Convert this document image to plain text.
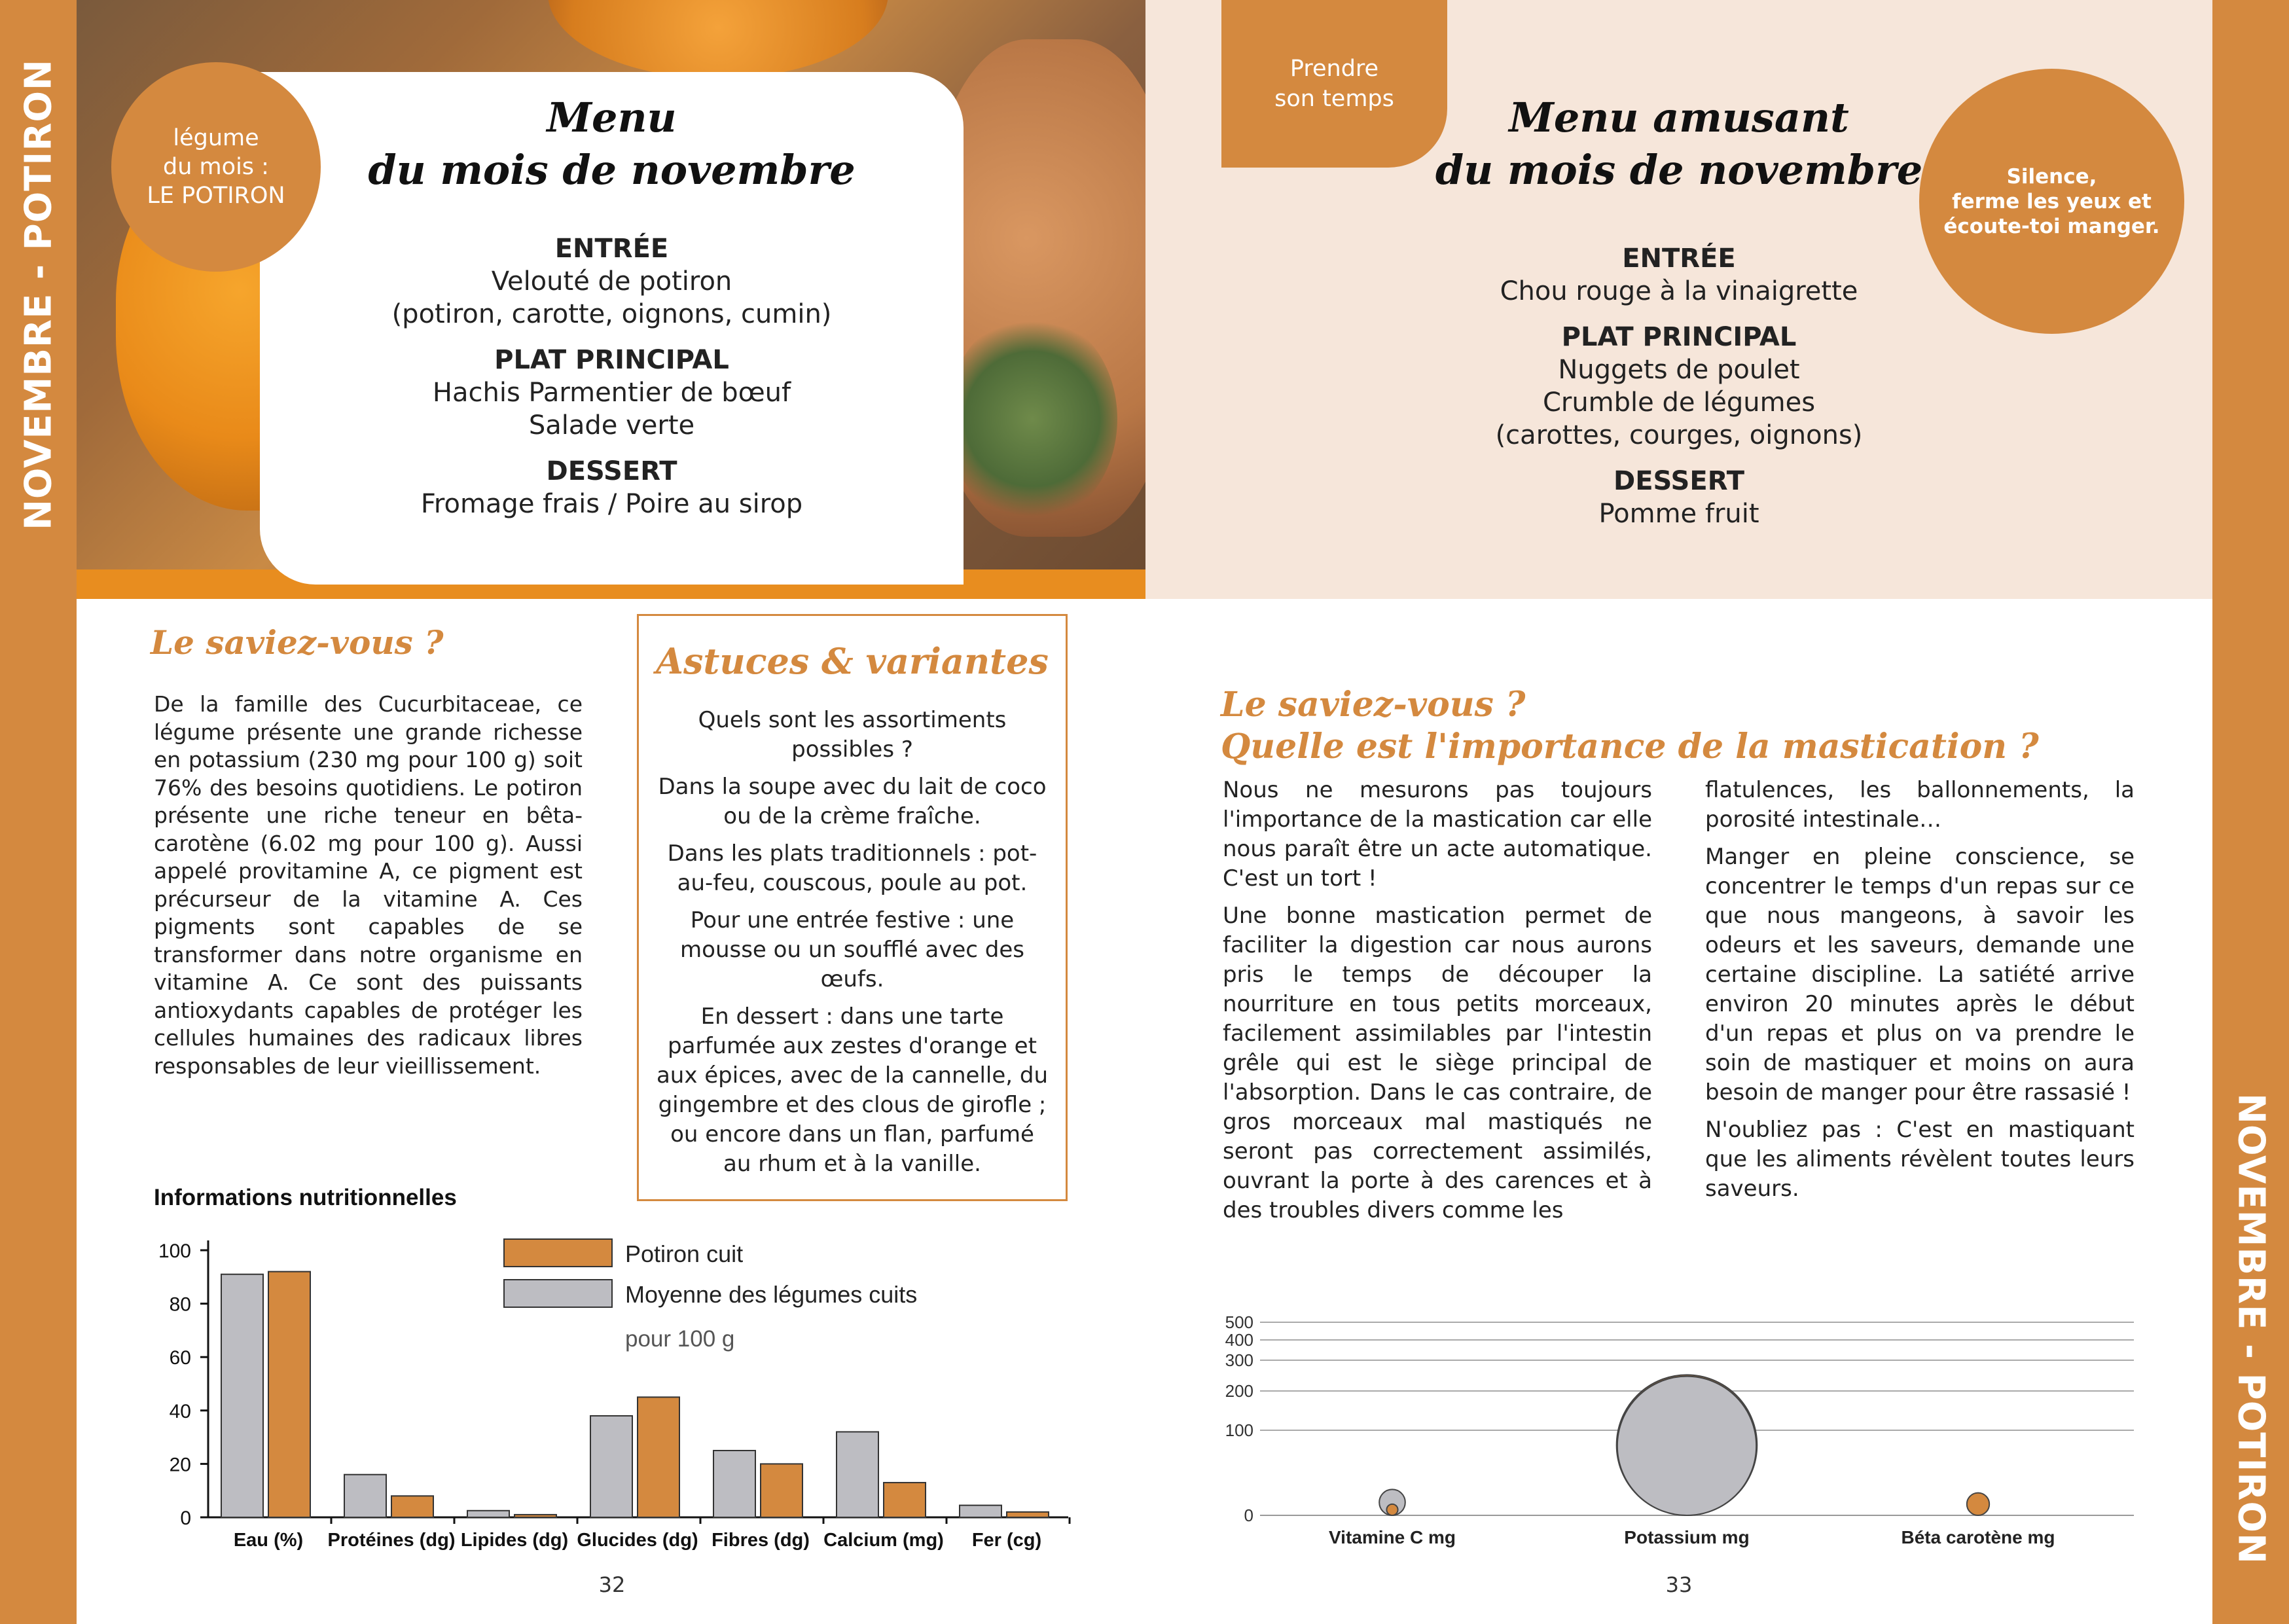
NOVEMBRE - POTIRON
NOVEMBRE - POTIRON
Menu
du mois de novembre
ENTRÉE
Velouté de potiron
(potiron, carotte, oignons, cumin)
PLAT PRINCIPAL
Hachis Parmentier de bœuf
Salade verte
DESSERT
Fromage frais / Poire au sirop
légume
du mois :
LE POTIRON
Prendre
son temps	Menu amusant
du mois de novembre
ENTRÉE
Chou rouge à la vinaigrette
PLAT PRINCIPAL
Nuggets de poulet
Crumble de légumes
(carottes, courges, oignons)
DESSERT
Pomme fruit
Silence,
ferme les yeux et
écoute-toi manger.
Le saviez-vous ?
De la famille des Cucurbitaceae, ce légume présente une grande richesse en potassium (230 mg pour 100 g) soit 76% des besoins quotidiens. Le potiron présente une riche teneur en bêta-carotène (6.02 mg pour 100 g). Aussi appelé provitamine A, ce pigment est précurseur de la vitamine A. Ces pigments sont capables de se transformer dans notre organisme en vitamine A. Ce sont des puissants antioxydants capables de protéger les cellules humaines des radicaux libres responsables de leur vieillissement.
Astuces & variantes

Quels sont les assortiments possibles ?

Dans la soupe avec du lait de coco ou de la crème fraîche.

Dans les plats traditionnels : pot-au-feu, couscous, poule au pot.

Pour une entrée festive : une mousse ou un soufflé avec des œufs.

En dessert : dans une tarte parfumée aux zestes d'orange et aux épices, avec de la cannelle, du gingembre et des clous de girofle ; ou encore dans un flan, parfumé au rhum et à la vanille.

Informations nutritionnelles
0
20
40
60
80
100
Eau (%) Protéines (dg) Lipides (dg) Glucides (dg) Fibres (dg) Calcium (mg) Fer (cg)
Potiron cuit
Moyenne des légumes cuits
pour 100 g
Le saviez-vous ?
Quelle est l'importance de la mastication ?

Nous ne mesurons pas toujours l'importance de la mastication car elle nous paraît être un acte automatique. C'est un tort !

Une bonne mastication permet de faciliter la digestion car nous aurons pris le temps de découper la nourriture en tous petits morceaux, facilement assimilables par l'intestin grêle qui est le siège principal de l'absorption. Dans le cas contraire, de gros morceaux mal mastiqués ne seront pas correctement assimilés, ouvrant la porte à des carences et à des troubles divers comme les

flatulences, les ballonnements, la porosité intestinale…

Manger en pleine conscience, se concentrer le temps d'un repas sur ce que nous mangeons, à savoir les odeurs et les saveurs, demande une certaine discipline. La satiété arrive environ 20 minutes après le début d'un repas et plus on va prendre le soin de mastiquer et moins on aura besoin de manger pour être rassasié !

N'oubliez pas : C'est en mastiquant que les aliments révèlent toutes leurs saveurs.

0
100
200
300
400
500
Vitamine C mg	Potassium mg	Béta carotène mg
32	33
